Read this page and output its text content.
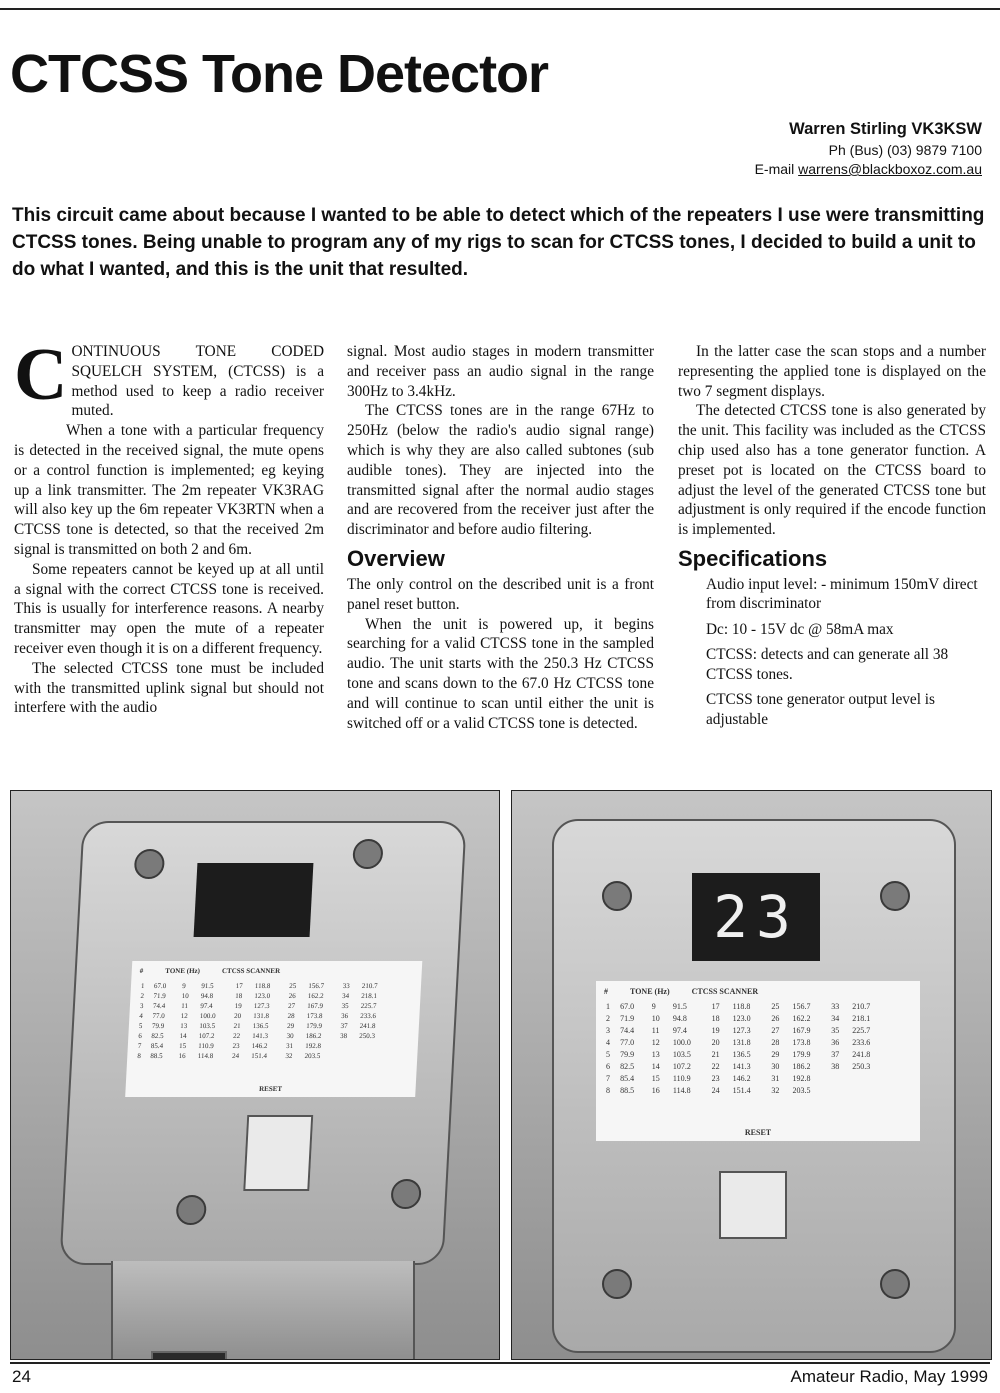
CTCSS Tone Detector
Warren Stirling VK3KSW
Ph (Bus) (03) 9879 7100
E-mail warrens@blackboxoz.com.au

This circuit came about because I wanted to be able to detect which of the repeaters I use were transmitting CTCSS tones. Being unable to program any of my rigs to scan for CTCSS tones, I decided to build a unit to do what I wanted, and this is the unit that resulted.

CONTINUOUS TONE CODED SQUELCH SYSTEM, (CTCSS) is a method used to keep a radio receiver muted.

When a tone with a particular frequency is detected in the received signal, the mute opens or a control function is implemented; eg keying up a link transmitter. The 2m repeater VK3RAG will also key up the 6m repeater VK3RTN when a CTCSS tone is detected, so that the received 2m signal is transmitted on both 2 and 6m.

Some repeaters cannot be keyed up at all until a signal with the correct CTCSS tone is received. This is usually for interference reasons. A nearby transmitter may open the mute of a repeater receiver even though it is on a different frequency.

The selected CTCSS tone must be included with the transmitted uplink signal but should not interfere with the audio

signal. Most audio stages in modern transmitter and receiver pass an audio signal in the range 300Hz to 3.4kHz.

The CTCSS tones are in the range 67Hz to 250Hz (below the radio's audio signal range) which is why they are also called subtones (sub audible tones). They are injected into the transmitted signal after the normal audio stages and are recovered from the receiver just after the discriminator and before audio filtering.

Overview

The only control on the described unit is a front panel reset button.

When the unit is powered up, it begins searching for a valid CTCSS tone in the sampled audio. The unit starts with the 250.3 Hz CTCSS tone and scans down to the 67.0 Hz CTCSS tone and will continue to scan until either the unit is switched off or a valid CTCSS tone is detected.

In the latter case the scan stops and a number representing the applied tone is displayed on the two 7 segment displays.

The detected CTCSS tone is also generated by the unit. This facility was included as the CTCSS chip used also has a tone generator function. A preset pot is located on the CTCSS board to adjust the level of the generated CTCSS tone but adjustment is only required if the encode function is implemented.

Specifications

Audio input level: - minimum 150mV direct from discriminator

Dc: 10 - 15V dc @ 58mA max

CTCSS: detects and can generate all 38 CTCSS tones.

CTCSS tone generator output level is adjustable

#	TONE (Hz)	CTCSS SCANNER
1	67.0	9	91.5	17	118.8	25	156.7	33	210.7
2	71.9	10	94.8	18	123.0	26	162.2	34	218.1
3	74.4	11	97.4	19	127.3	27	167.9	35	225.7
4	77.0	12	100.0	20	131.8	28	173.8	36	233.6
5	79.9	13	103.5	21	136.5	29	179.9	37	241.8
6	82.5	14	107.2	22	141.3	30	186.2	38	250.3
7	85.4	15	110.9	23	146.2	31	192.8		
8	88.5	16	114.8	24	151.4	32	203.5		
RESET
23
#	TONE (Hz)	CTCSS SCANNER
1	67.0	9	91.5	17	118.8	25	156.7	33	210.7
2	71.9	10	94.8	18	123.0	26	162.2	34	218.1
3	74.4	11	97.4	19	127.3	27	167.9	35	225.7
4	77.0	12	100.0	20	131.8	28	173.8	36	233.6
5	79.9	13	103.5	21	136.5	29	179.9	37	241.8
6	82.5	14	107.2	22	141.3	30	186.2	38	250.3
7	85.4	15	110.9	23	146.2	31	192.8		
8	88.5	16	114.8	24	151.4	32	203.5		
RESET
24	Amateur Radio, May 1999
